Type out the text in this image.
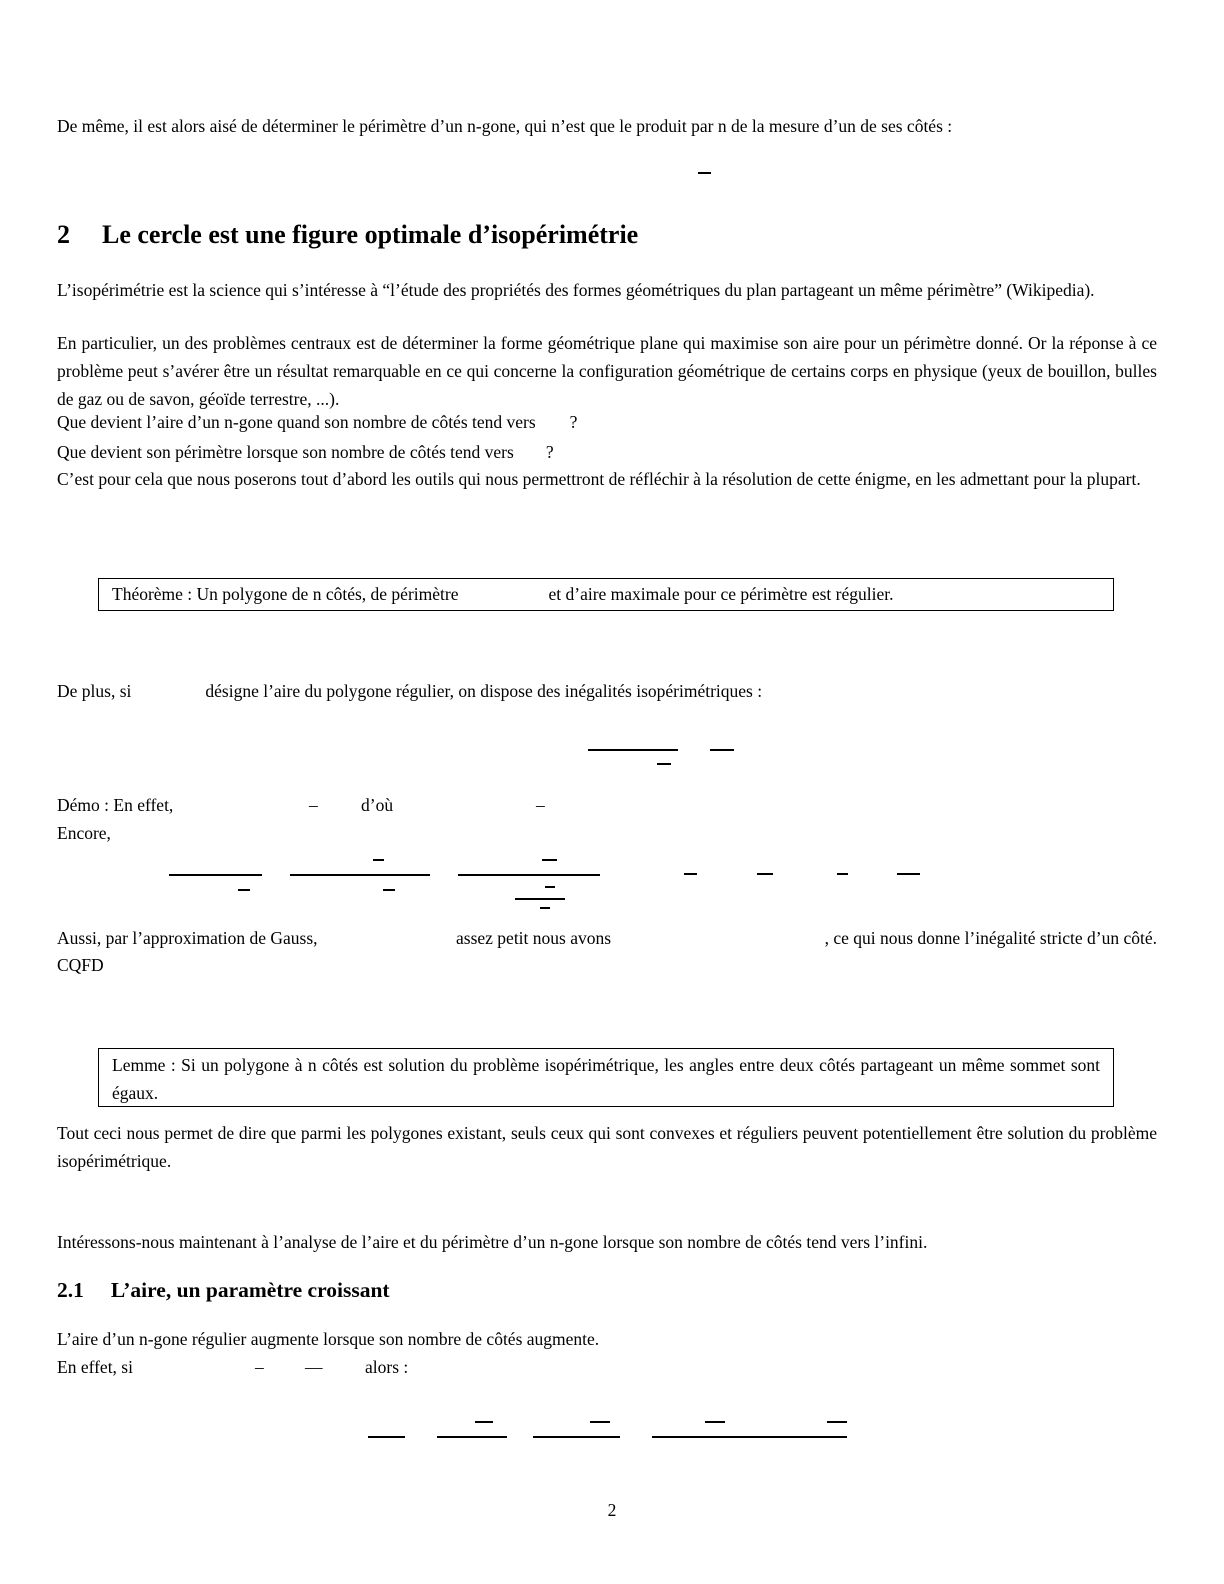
De même, il est alors aisé de déterminer le périmètre d’un n-gone, qui n’est que le produit par n de la mesure d’un de ses côtés :

2 Le cercle est une figure optimale d’isopérimétrie

L’isopérimétrie est la science qui s’intéresse à “l’étude des propriétés des formes géométriques du plan partageant un même périmètre” (Wikipedia).

En particulier, un des problèmes centraux est de déterminer la forme géométrique plane qui maximise son aire pour un périmètre donné. Or la réponse à ce problème peut s’avérer être un résultat remarquable en ce qui concerne la configuration géométrique de certains corps en physique (yeux de bouillon, bulles de gaz ou de savon, géoïde terrestre, ...).

Que devient l’aire d’un n-gone quand son nombre de côtés tend vers ?
Que devient son périmètre lorsque son nombre de côtés tend vers ?

C’est pour cela que nous poserons tout d’abord les outils qui nous permettront de réfléchir à la résolution de cette énigme, en les admettant pour la plupart.

Théorème : Un polygone de n côtés, de périmètre	et d’aire maximale pour ce périmètre est régulier.
De plus, si	désigne l’aire du polygone régulier, on dispose des inégalités isopérimétriques :
Démo : En effet,	– d’où	–
Encore,
Aussi, par l’approximation de Gauss,	assez petit nous avons	, ce qui nous donne l’inégalité stricte d’un côté.
CQFD
Lemme : Si un polygone à n côtés est solution du problème isopérimétrique, les angles entre deux côtés partageant un même sommet sont égaux.

Tout ceci nous permet de dire que parmi les polygones existant, seuls ceux qui sont convexes et réguliers peuvent potentiellement être solution du problème isopérimétrique.

Intéressons-nous maintenant à l’analyse de l’aire et du périmètre d’un n-gone lorsque son nombre de côtés tend vers l’infini.
2.1 L’aire, un paramètre croissant
L’aire d’un n-gone régulier augmente lorsque son nombre de côtés augmente.
En effet, si	– — alors :
2
